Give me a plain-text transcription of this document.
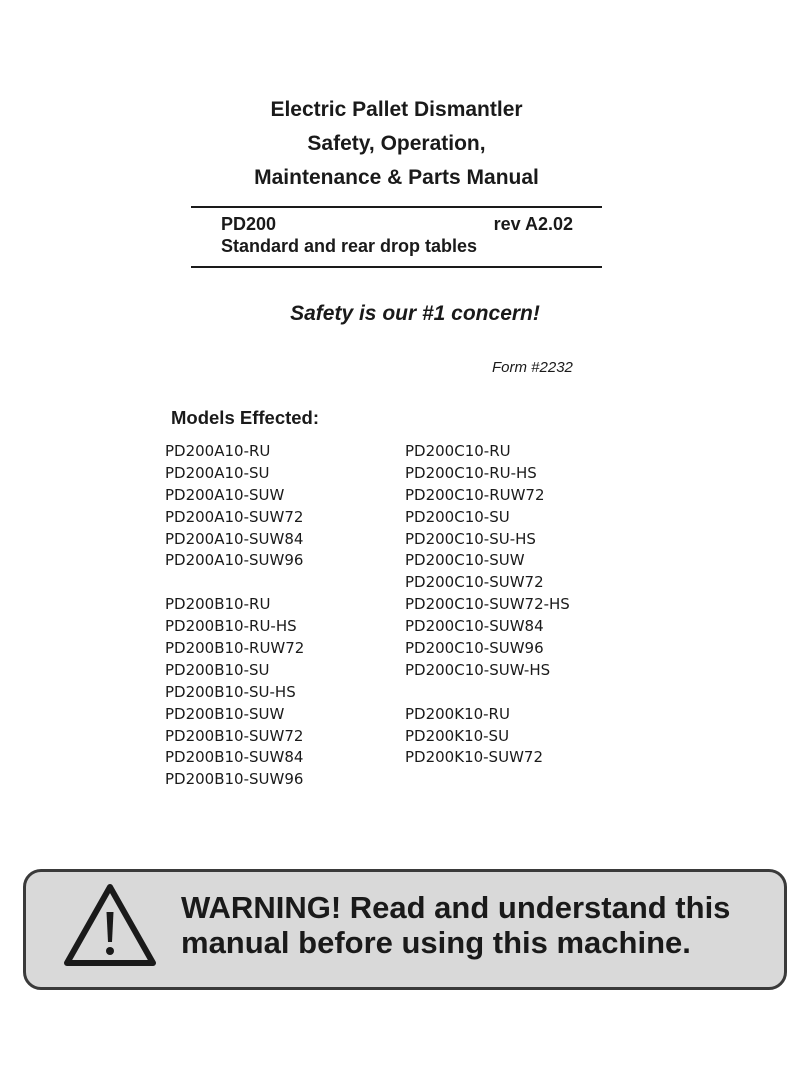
Electric Pallet Dismantler
Safety, Operation,
Maintenance & Parts Manual
PD200	rev A2.02
Standard and rear drop tables
Safety is our #1 concern!
Form #2232
Models Effected:
PD200A10-RU
PD200A10-SU
PD200A10-SUW
PD200A10-SUW72
PD200A10-SUW84
PD200A10-SUW96
PD200B10-RU
PD200B10-RU-HS
PD200B10-RUW72
PD200B10-SU
PD200B10-SU-HS
PD200B10-SUW
PD200B10-SUW72
PD200B10-SUW84
PD200B10-SUW96
PD200C10-RU
PD200C10-RU-HS
PD200C10-RUW72
PD200C10-SU
PD200C10-SU-HS
PD200C10-SUW
PD200C10-SUW72
PD200C10-SUW72-HS
PD200C10-SUW84
PD200C10-SUW96
PD200C10-SUW-HS
PD200K10-RU
PD200K10-SU
PD200K10-SUW72
WARNING! Read and understand this
manual before using this machine.
